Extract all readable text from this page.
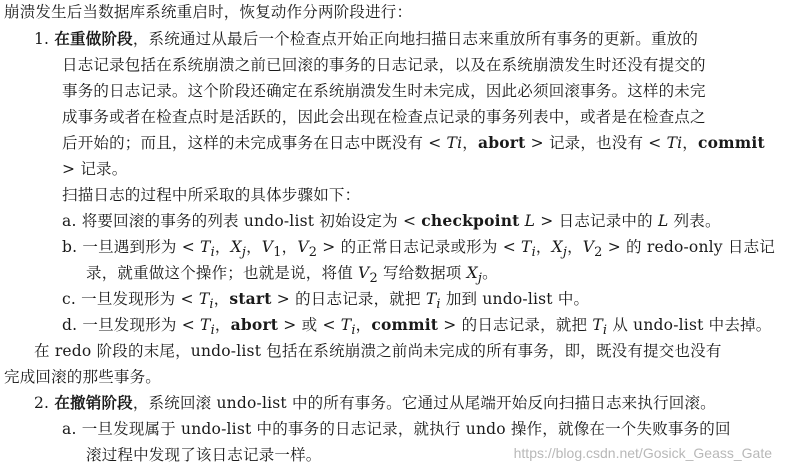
崩溃发生后当数据库系统重启时，恢复动作分两阶段进行：
1. 在重做阶段，系统通过从最后一个检查点开始正向地扫描日志来重放所有事务的更新。重放的
日志记录包括在系统崩溃之前已回滚的事务的日志记录，以及在系统崩溃发生时还没有提交的
事务的日志记录。这个阶段还确定在系统崩溃发生时未完成，因此必须回滚事务。这样的未完
成事务或者在检查点时是活跃的，因此会出现在检查点记录的事务列表中，或者是在检查点之
后开始的；而且，这样的未完成事务在日志中既没有 < Ti，abort > 记录，也没有 < Ti，commit
> 记录。
扫描日志的过程中所采取的具体步骤如下：
a. 将要回滚的事务的列表 undo-list 初始设定为 < checkpoint L > 日志记录中的 L 列表。
b. 一旦遇到形为 < $T_i$，$X_j$，$V_1$，$V_2$ > 的正常日志记录或形为 < $T_i$，$X_j$，$V_2$ > 的 redo-only 日志记
录，就重做这个操作；也就是说，将值 $V_2$ 写给数据项 $X_j$。
c. 一旦发现形为 < $T_i$，start > 的日志记录，就把 $T_i$ 加到 undo-list 中。
d. 一旦发现形为 < $T_i$，abort > 或 < $T_i$，commit > 的日志记录，就把 $T_i$ 从 undo-list 中去掉。
在 redo 阶段的末尾，undo-list 包括在系统崩溃之前尚未完成的所有事务，即，既没有提交也没有
完成回滚的那些事务。
2. 在撤销阶段，系统回滚 undo-list 中的所有事务。它通过从尾端开始反向扫描日志来执行回滚。
a. 一旦发现属于 undo-list 中的事务的日志记录，就执行 undo 操作，就像在一个失败事务的回
滚过程中发现了该日志记录一样。	https://blog.csdn.net/Gosick_Geass_Gate
